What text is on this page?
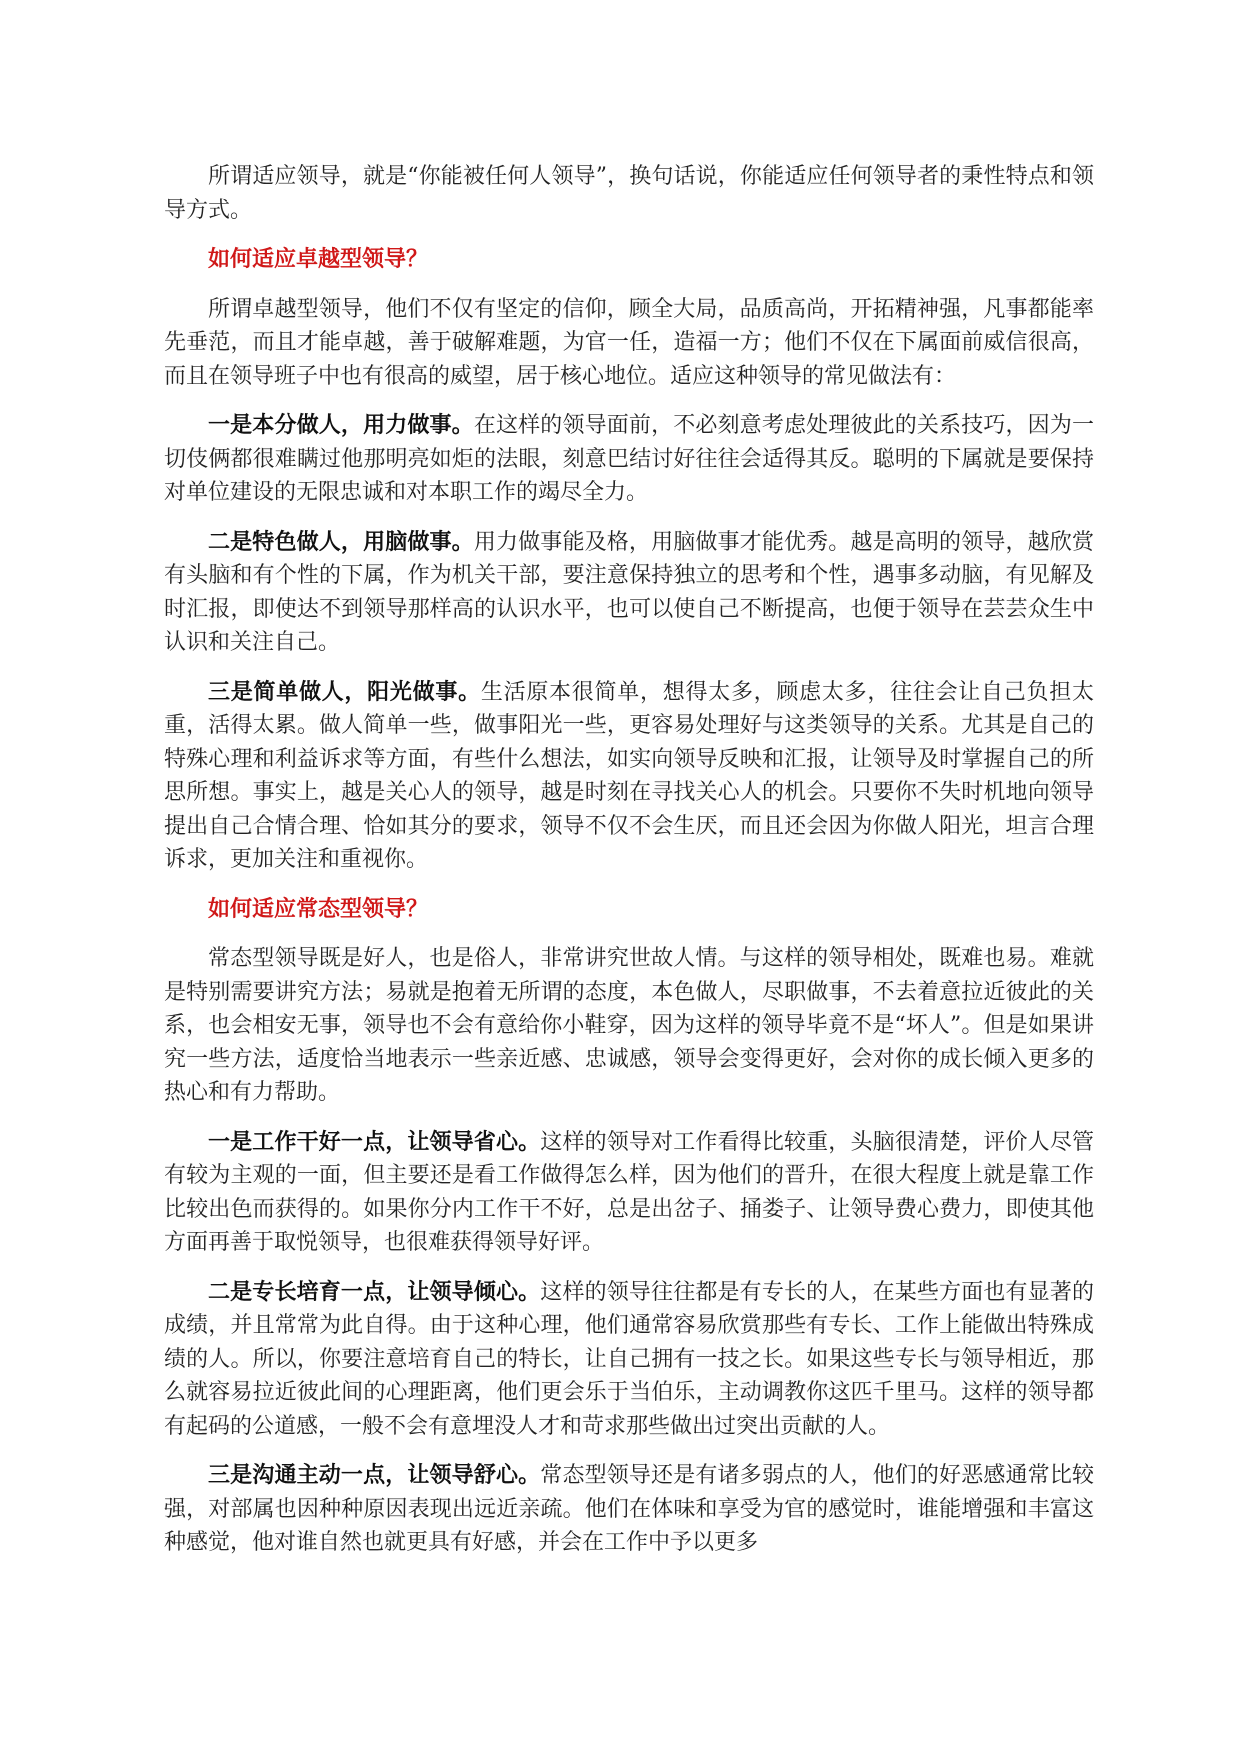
所谓适应领导，就是“你能被任何人领导”，换句话说，你能适应任何领导者的秉性特点和领导方式。

如何适应卓越型领导？

所谓卓越型领导，他们不仅有坚定的信仰，顾全大局，品质高尚，开拓精神强，凡事都能率先垂范，而且才能卓越，善于破解难题，为官一任，造福一方；他们不仅在下属面前威信很高，而且在领导班子中也有很高的威望，居于核心地位。适应这种领导的常见做法有：

一是本分做人，用力做事。在这样的领导面前，不必刻意考虑处理彼此的关系技巧，因为一切伎俩都很难瞒过他那明亮如炬的法眼，刻意巴结讨好往往会适得其反。聪明的下属就是要保持对单位建设的无限忠诚和对本职工作的竭尽全力。

二是特色做人，用脑做事。用力做事能及格，用脑做事才能优秀。越是高明的领导，越欣赏有头脑和有个性的下属，作为机关干部，要注意保持独立的思考和个性，遇事多动脑，有见解及时汇报，即使达不到领导那样高的认识水平，也可以使自己不断提高，也便于领导在芸芸众生中认识和关注自己。

三是简单做人，阳光做事。生活原本很简单，想得太多，顾虑太多，往往会让自己负担太重，活得太累。做人简单一些，做事阳光一些，更容易处理好与这类领导的关系。尤其是自己的特殊心理和利益诉求等方面，有些什么想法，如实向领导反映和汇报，让领导及时掌握自己的所思所想。事实上，越是关心人的领导，越是时刻在寻找关心人的机会。只要你不失时机地向领导提出自己合情合理、恰如其分的要求，领导不仅不会生厌，而且还会因为你做人阳光，坦言合理诉求，更加关注和重视你。

如何适应常态型领导？

常态型领导既是好人，也是俗人，非常讲究世故人情。与这样的领导相处，既难也易。难就是特别需要讲究方法；易就是抱着无所谓的态度，本色做人，尽职做事，不去着意拉近彼此的关系，也会相安无事，领导也不会有意给你小鞋穿，因为这样的领导毕竟不是“坏人”。但是如果讲究一些方法，适度恰当地表示一些亲近感、忠诚感，领导会变得更好，会对你的成长倾入更多的热心和有力帮助。

一是工作干好一点，让领导省心。这样的领导对工作看得比较重，头脑很清楚，评价人尽管有较为主观的一面，但主要还是看工作做得怎么样，因为他们的晋升，在很大程度上就是靠工作比较出色而获得的。如果你分内工作干不好，总是出岔子、捅娄子、让领导费心费力，即使其他方面再善于取悦领导，也很难获得领导好评。

二是专长培育一点，让领导倾心。这样的领导往往都是有专长的人，在某些方面也有显著的成绩，并且常常为此自得。由于这种心理，他们通常容易欣赏那些有专长、工作上能做出特殊成绩的人。所以，你要注意培育自己的特长，让自己拥有一技之长。如果这些专长与领导相近，那么就容易拉近彼此间的心理距离，他们更会乐于当伯乐，主动调教你这匹千里马。这样的领导都有起码的公道感，一般不会有意埋没人才和苛求那些做出过突出贡献的人。

三是沟通主动一点，让领导舒心。常态型领导还是有诸多弱点的人，他们的好恶感通常比较强，对部属也因种种原因表现出远近亲疏。他们在体味和享受为官的感觉时，谁能增强和丰富这种感觉，他对谁自然也就更具有好感，并会在工作中予以更多
